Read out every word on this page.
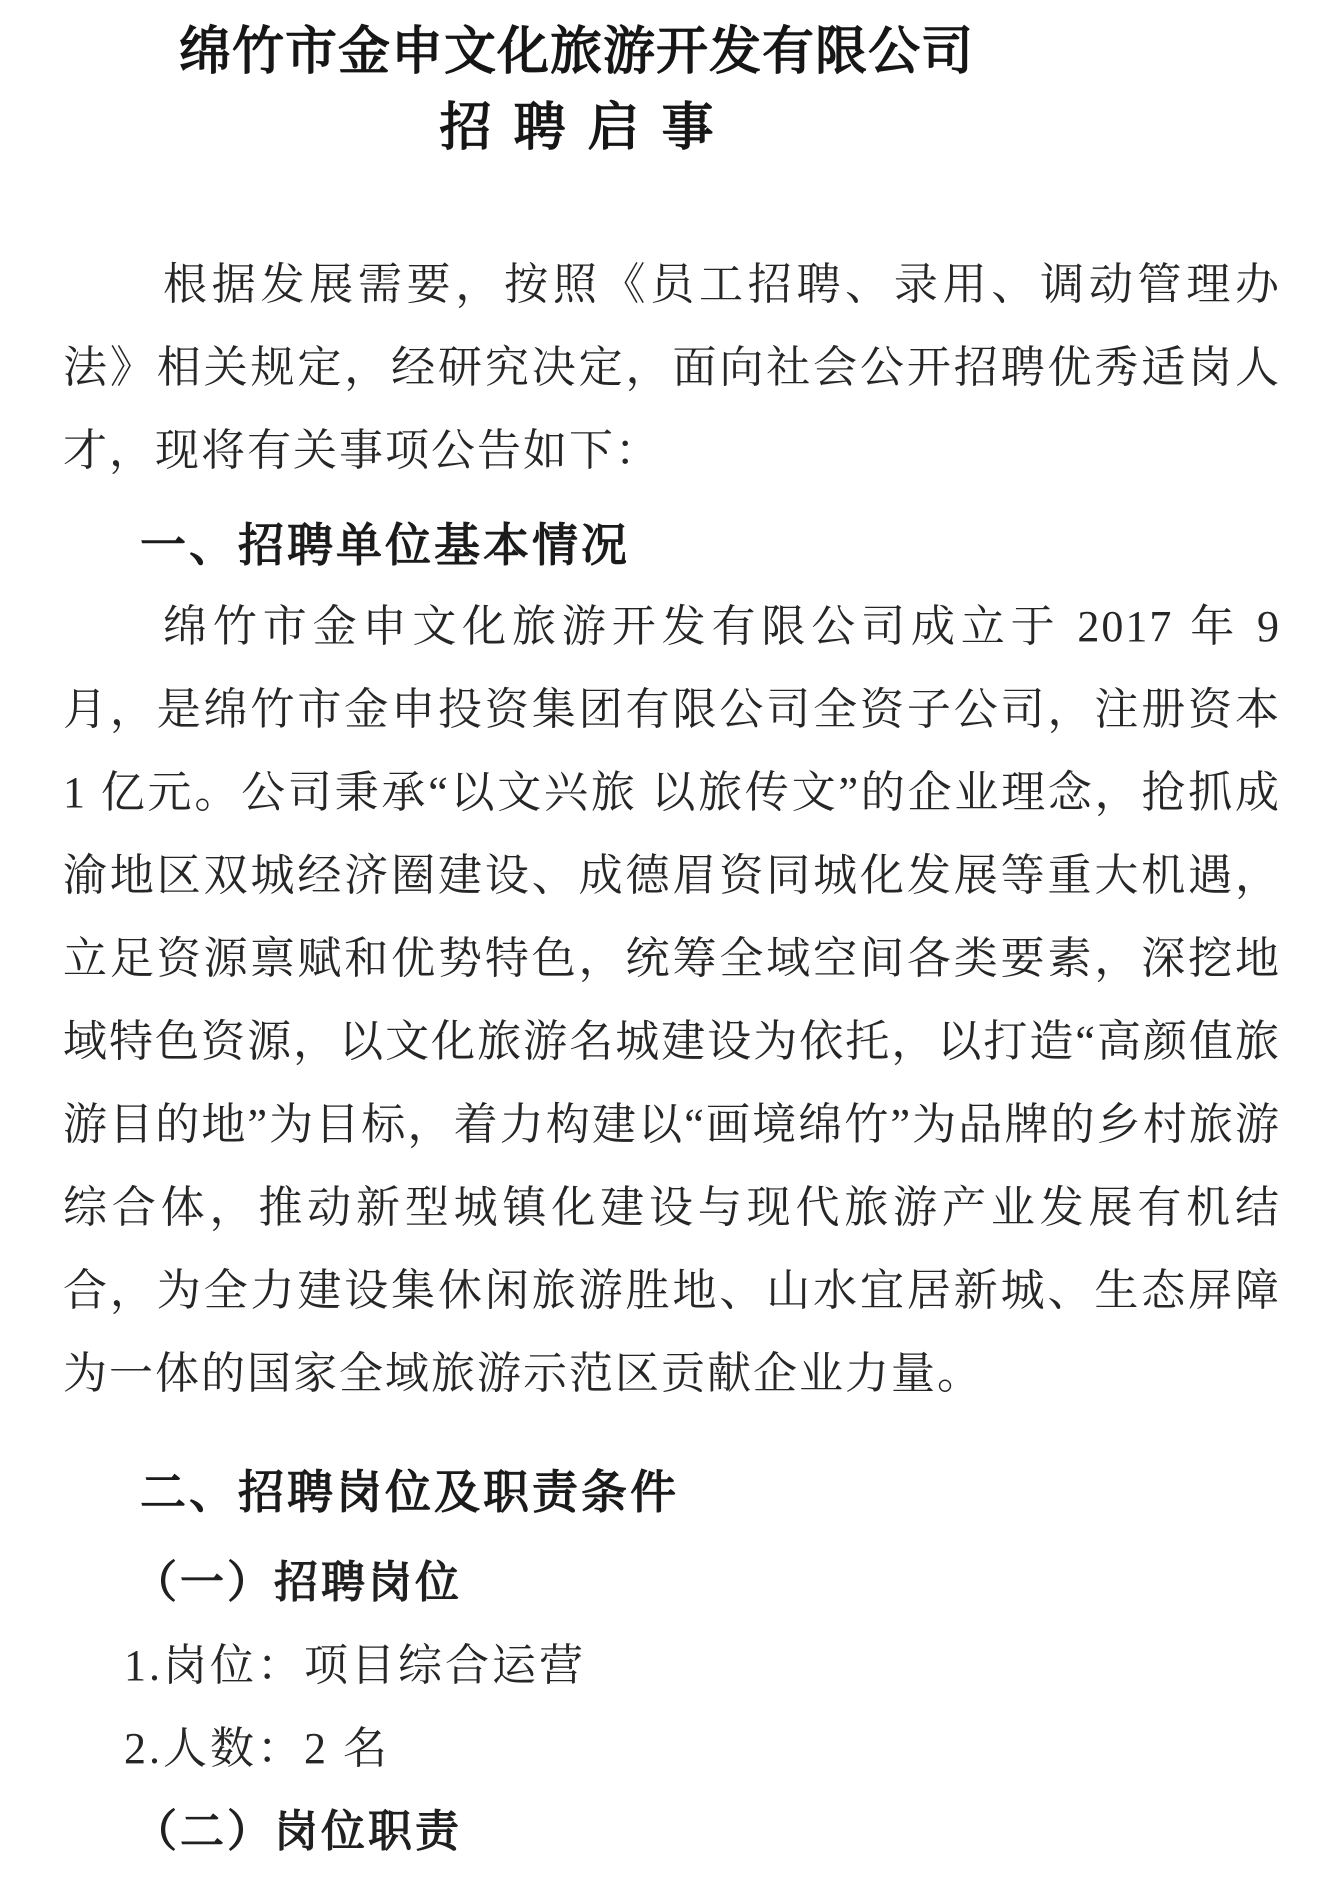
绵竹市金申文化旅游开发有限公司
招聘启事

根据发展需要，按照《员工招聘、录用、调动管理办法》相关规定，经研究决定，面向社会公开招聘优秀适岗人才，现将有关事项公告如下：

一、招聘单位基本情况

绵竹市金申文化旅游开发有限公司成立于 2017 年 9 月，是绵竹市金申投资集团有限公司全资子公司，注册资本 1 亿元。公司秉承“以文兴旅 以旅传文”的企业理念，抢抓成渝地区双城经济圈建设、成德眉资同城化发展等重大机遇，立足资源禀赋和优势特色，统筹全域空间各类要素，深挖地域特色资源，以文化旅游名城建设为依托，以打造“高颜值旅游目的地”为目标，着力构建以“画境绵竹”为品牌的乡村旅游综合体，推动新型城镇化建设与现代旅游产业发展有机结合，为全力建设集休闲旅游胜地、山水宜居新城、生态屏障为一体的国家全域旅游示范区贡献企业力量。

二、招聘岗位及职责条件
（一）招聘岗位

1.岗位：项目综合运营

2.人数：2 名

（二）岗位职责
